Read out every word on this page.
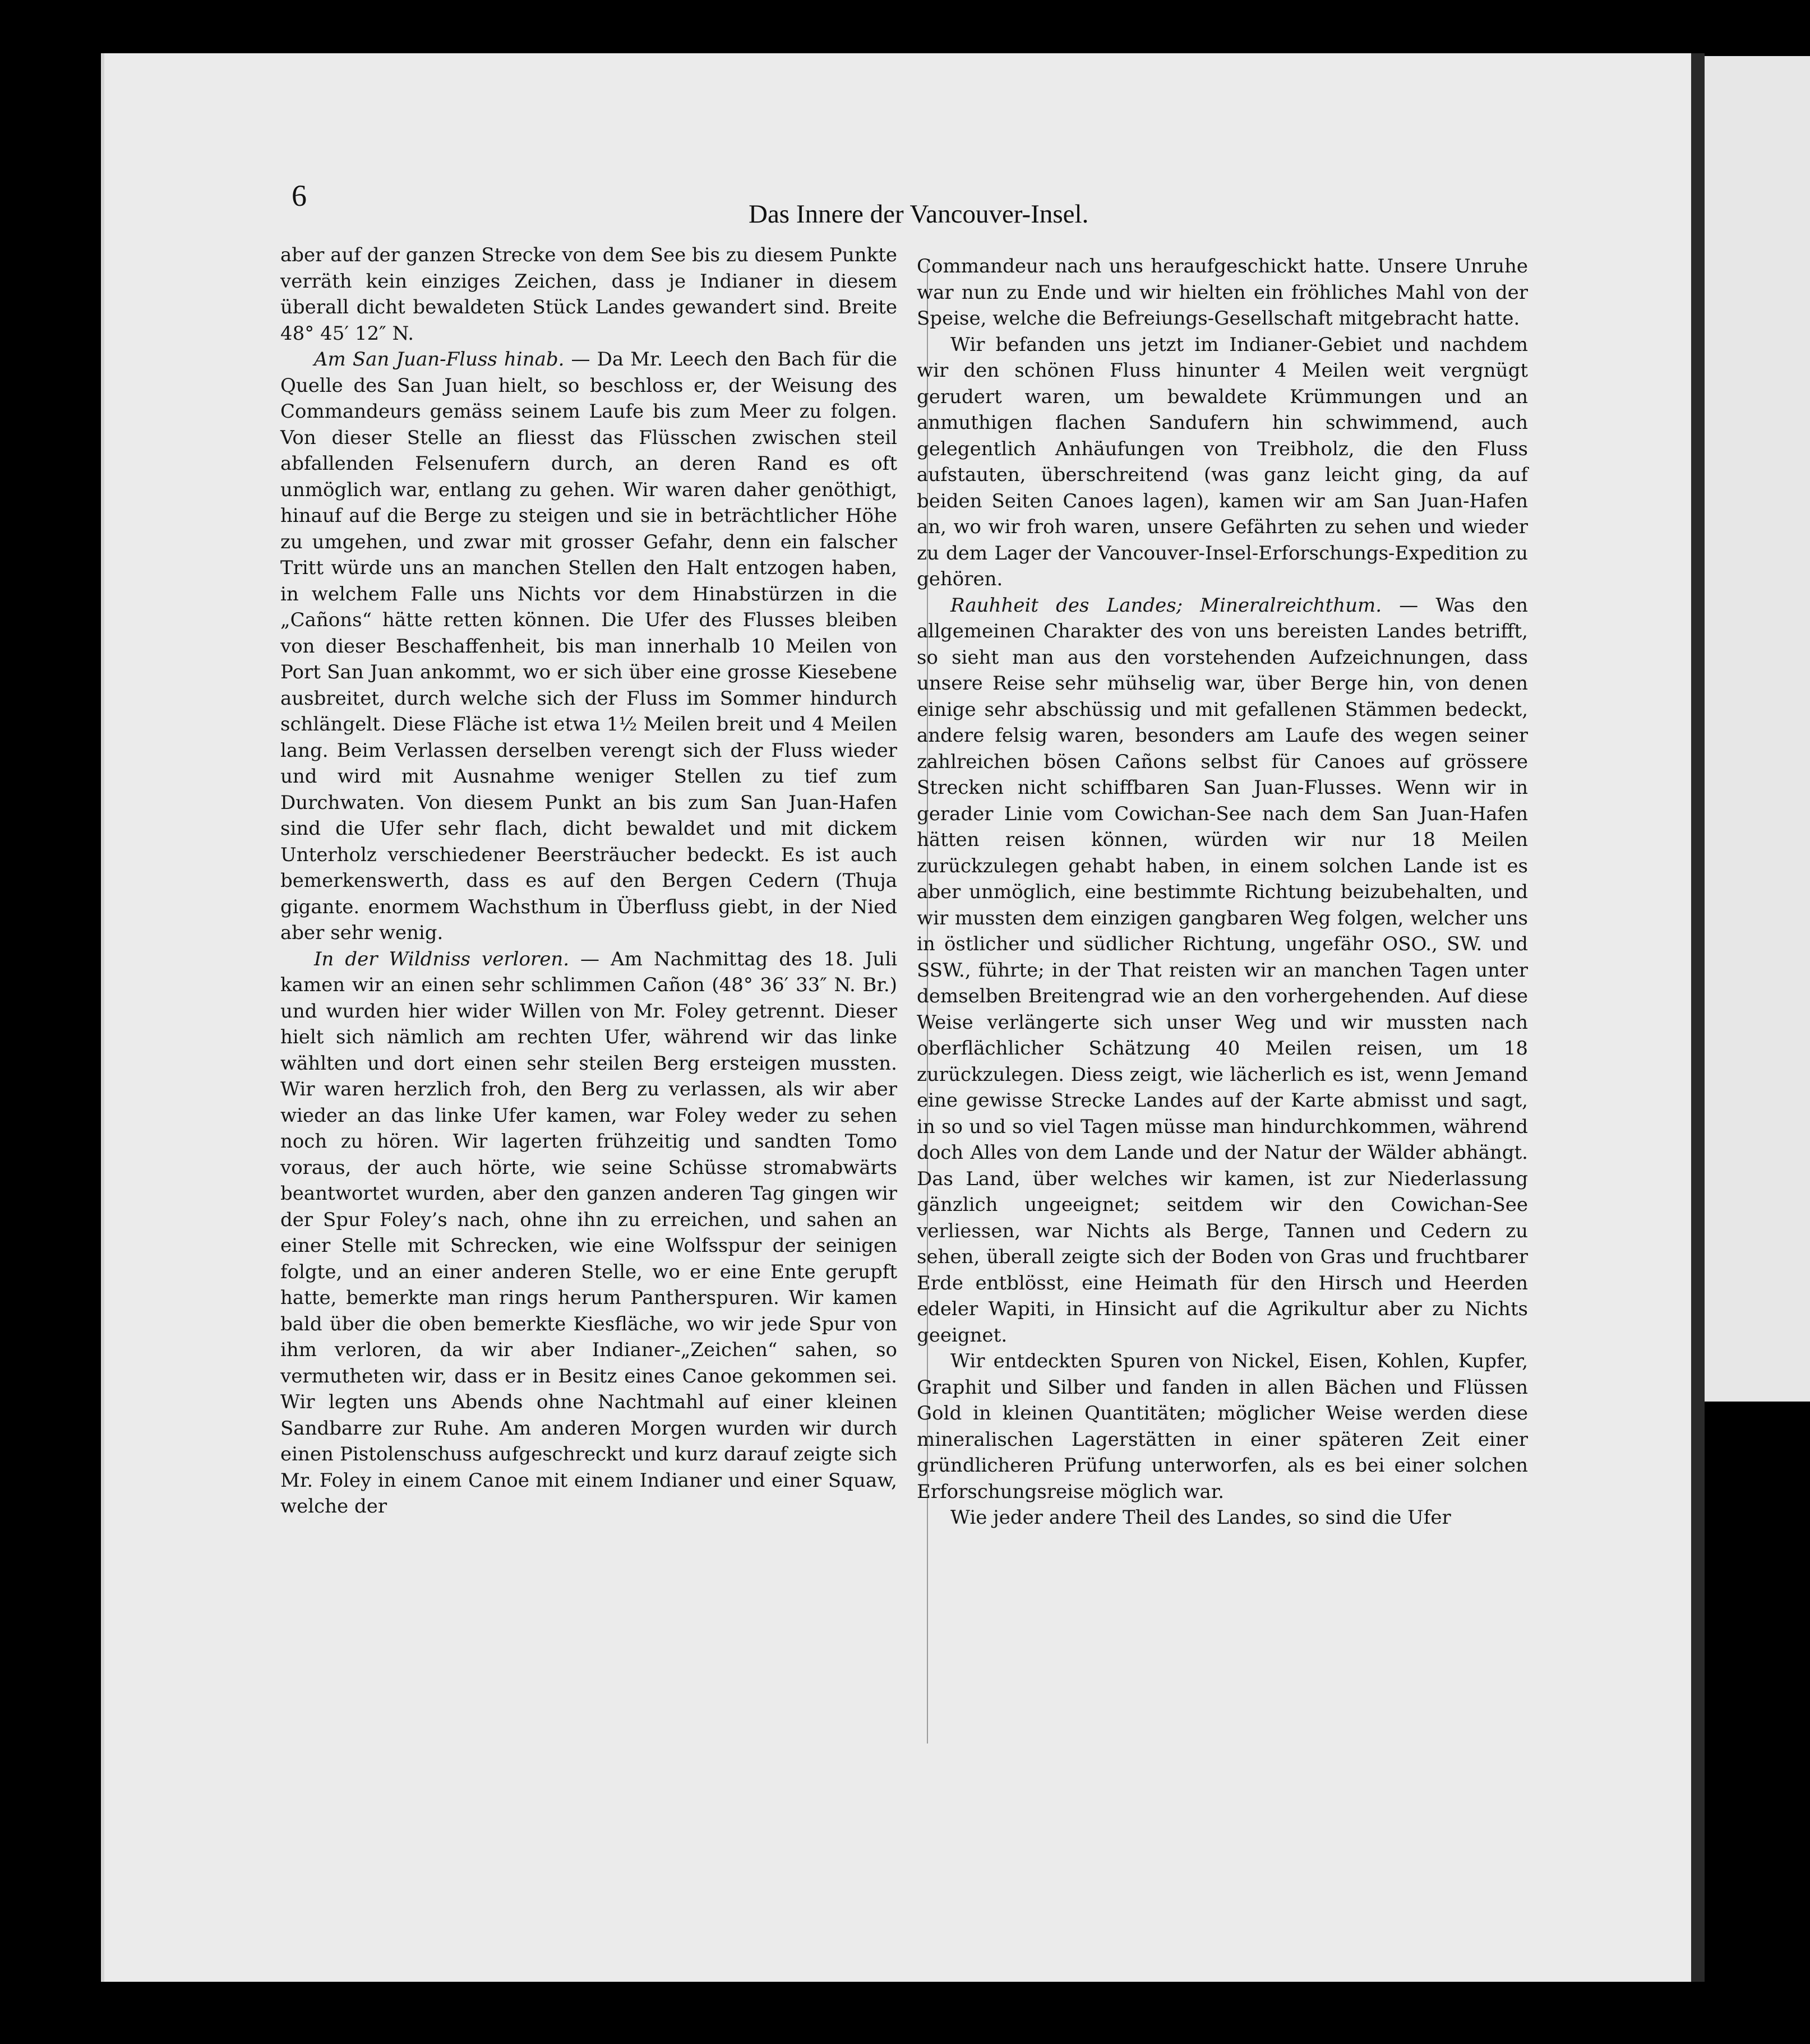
6
Das Innere der Vancouver-Insel.

aber auf der ganzen Strecke von dem See bis zu diesem Punkte verräth kein einziges Zeichen, dass je Indianer in diesem überall dicht bewaldeten Stück Landes gewandert sind. Breite 48° 45′ 12″ N.

Am San Juan-Fluss hinab. — Da Mr. Leech den Bach für die Quelle des San Juan hielt, so beschloss er, der Weisung des Commandeurs gemäss seinem Laufe bis zum Meer zu folgen. Von dieser Stelle an fliesst das Flüsschen zwischen steil abfallenden Felsenufern durch, an deren Rand es oft unmöglich war, entlang zu gehen. Wir waren daher genöthigt, hinauf auf die Berge zu steigen und sie in beträchtlicher Höhe zu umgehen, und zwar mit grosser Gefahr, denn ein falscher Tritt würde uns an manchen Stellen den Halt entzogen haben, in welchem Falle uns Nichts vor dem Hinabstürzen in die „Cañons“ hätte retten können. Die Ufer des Flusses bleiben von dieser Beschaffenheit, bis man innerhalb 10 Meilen von Port San Juan ankommt, wo er sich über eine grosse Kiesebene ausbreitet, durch welche sich der Fluss im Sommer hindurch schlängelt. Diese Fläche ist etwa 1½ Meilen breit und 4 Meilen lang. Beim Verlassen derselben verengt sich der Fluss wieder und wird mit Ausnahme weniger Stellen zu tief zum Durchwaten. Von diesem Punkt an bis zum San Juan-Hafen sind die Ufer sehr flach, dicht bewaldet und mit dickem Unterholz verschiedener Beersträucher bedeckt. Es ist auch bemerkenswerth, dass es auf den Bergen Cedern (Thuja gigante. enormem Wachsthum in Überfluss giebt, in der Nied aber sehr wenig.

In der Wildniss verloren. — Am Nachmittag des 18. Juli kamen wir an einen sehr schlimmen Cañon (48° 36′ 33″ N. Br.) und wurden hier wider Willen von Mr. Foley getrennt. Dieser hielt sich nämlich am rechten Ufer, während wir das linke wählten und dort einen sehr steilen Berg ersteigen mussten. Wir waren herzlich froh, den Berg zu verlassen, als wir aber wieder an das linke Ufer kamen, war Foley weder zu sehen noch zu hören. Wir lagerten frühzeitig und sandten Tomo voraus, der auch hörte, wie seine Schüsse stromabwärts beantwortet wurden, aber den ganzen anderen Tag gingen wir der Spur Foley’s nach, ohne ihn zu erreichen, und sahen an einer Stelle mit Schrecken, wie eine Wolfsspur der seinigen folgte, und an einer anderen Stelle, wo er eine Ente gerupft hatte, bemerkte man rings herum Pantherspuren. Wir kamen bald über die oben bemerkte Kiesfläche, wo wir jede Spur von ihm verloren, da wir aber Indianer-„Zeichen“ sahen, so vermutheten wir, dass er in Besitz eines Canoe gekommen sei. Wir legten uns Abends ohne Nachtmahl auf einer kleinen Sandbarre zur Ruhe. Am anderen Morgen wurden wir durch einen Pistolenschuss aufgeschreckt und kurz darauf zeigte sich Mr. Foley in einem Canoe mit einem Indianer und einer Squaw, welche der

Commandeur nach uns heraufgeschickt hatte. Unsere Unruhe war nun zu Ende und wir hielten ein fröhliches Mahl von der Speise, welche die Befreiungs-Gesellschaft mitgebracht hatte.

Wir befanden uns jetzt im Indianer-Gebiet und nachdem wir den schönen Fluss hinunter 4 Meilen weit vergnügt gerudert waren, um bewaldete Krümmungen und an anmuthigen flachen Sandufern hin schwimmend, auch gelegentlich Anhäufungen von Treibholz, die den Fluss aufstauten, überschreitend (was ganz leicht ging, da auf beiden Seiten Canoes lagen), kamen wir am San Juan-Hafen an, wo wir froh waren, unsere Gefährten zu sehen und wieder zu dem Lager der Vancouver-Insel-Erforschungs-Expedition zu gehören.

Rauhheit des Landes; Mineralreichthum. — Was den allgemeinen Charakter des von uns bereisten Landes betrifft, so sieht man aus den vorstehenden Aufzeichnungen, dass unsere Reise sehr mühselig war, über Berge hin, von denen einige sehr abschüssig und mit gefallenen Stämmen bedeckt, andere felsig waren, besonders am Laufe des wegen seiner zahlreichen bösen Cañons selbst für Canoes auf grössere Strecken nicht schiffbaren San Juan-Flusses. Wenn wir in gerader Linie vom Cowichan-See nach dem San Juan-Hafen hätten reisen können, würden wir nur 18 Meilen zurückzulegen gehabt haben, in einem solchen Lande ist es aber unmöglich, eine bestimmte Richtung beizubehalten, und wir mussten dem einzigen gangbaren Weg folgen, welcher uns in östlicher und südlicher Richtung, ungefähr OSO., SW. und SSW., führte; in der That reisten wir an manchen Tagen unter demselben Breitengrad wie an den vorhergehenden. Auf diese Weise verlängerte sich unser Weg und wir mussten nach oberflächlicher Schätzung 40 Meilen reisen, um 18 zurückzulegen. Diess zeigt, wie lächerlich es ist, wenn Jemand eine gewisse Strecke Landes auf der Karte abmisst und sagt, in so und so viel Tagen müsse man hindurchkommen, während doch Alles von dem Lande und der Natur der Wälder abhängt. Das Land, über welches wir kamen, ist zur Niederlassung gänzlich ungeeignet; seitdem wir den Cowichan-See verliessen, war Nichts als Berge, Tannen und Cedern zu sehen, überall zeigte sich der Boden von Gras und fruchtbarer Erde entblösst, eine Heimath für den Hirsch und Heerden edeler Wapiti, in Hinsicht auf die Agrikultur aber zu Nichts geeignet.

Wir entdeckten Spuren von Nickel, Eisen, Kohlen, Kupfer, Graphit und Silber und fanden in allen Bächen und Flüssen Gold in kleinen Quantitäten; möglicher Weise werden diese mineralischen Lagerstätten in einer späteren Zeit einer gründlicheren Prüfung unterworfen, als es bei einer solchen Erforschungsreise möglich war.

Wie jeder andere Theil des Landes, so sind die Ufer
